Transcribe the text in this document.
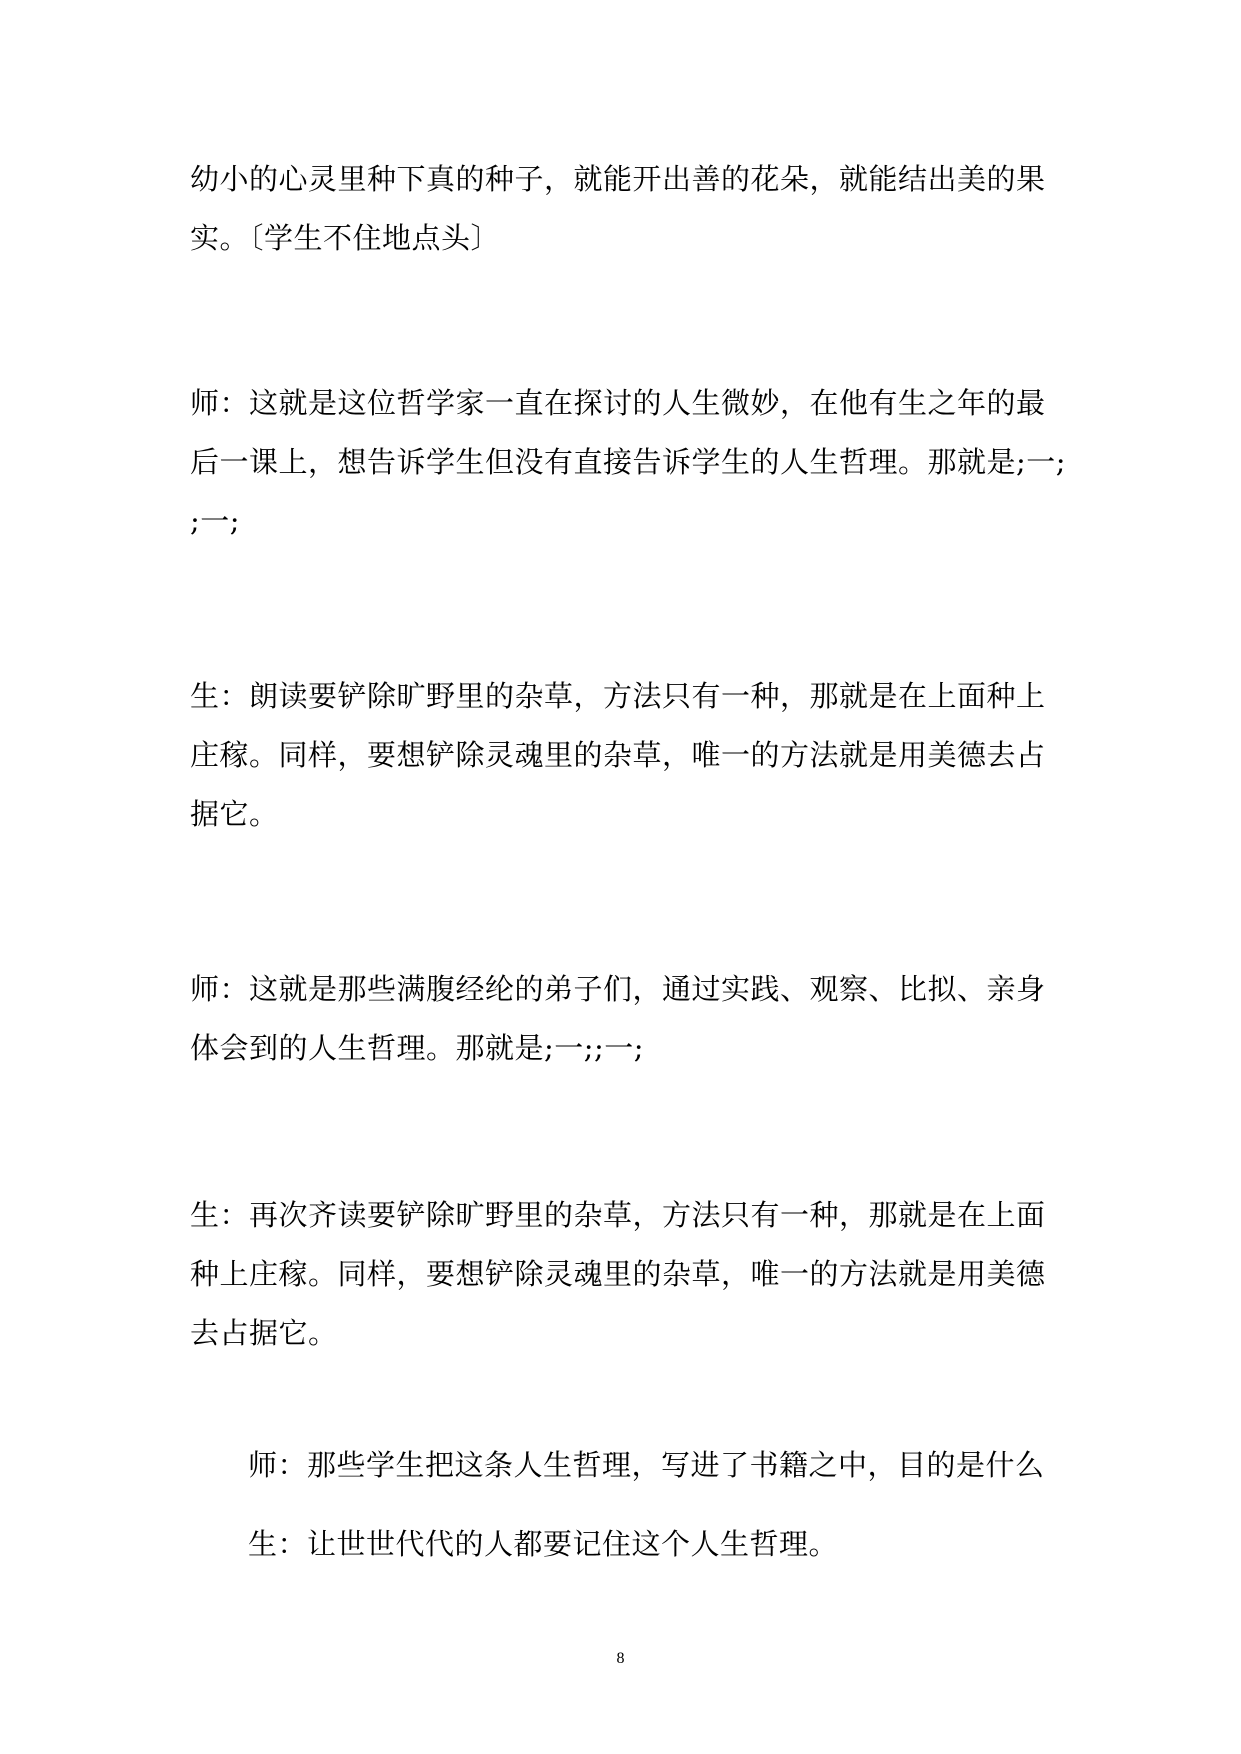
幼小的心灵里种下真的种子，就能开出善的花朵，就能结出美的果
实。〔学生不住地点头〕

师：这就是这位哲学家一直在探讨的人生微妙，在他有生之年的最
后一课上，想告诉学生但没有直接告诉学生的人生哲理。那就是;一;
;一;

生：朗读要铲除旷野里的杂草，方法只有一种，那就是在上面种上
庄稼。同样，要想铲除灵魂里的杂草，唯一的方法就是用美德去占
据它。

师：这就是那些满腹经纶的弟子们，通过实践、观察、比拟、亲身
体会到的人生哲理。那就是;一;;一;

生：再次齐读要铲除旷野里的杂草，方法只有一种，那就是在上面
种上庄稼。同样，要想铲除灵魂里的杂草，唯一的方法就是用美德
去占据它。

师：那些学生把这条人生哲理，写进了书籍之中，目的是什么

生：让世世代代的人都要记住这个人生哲理。

8
